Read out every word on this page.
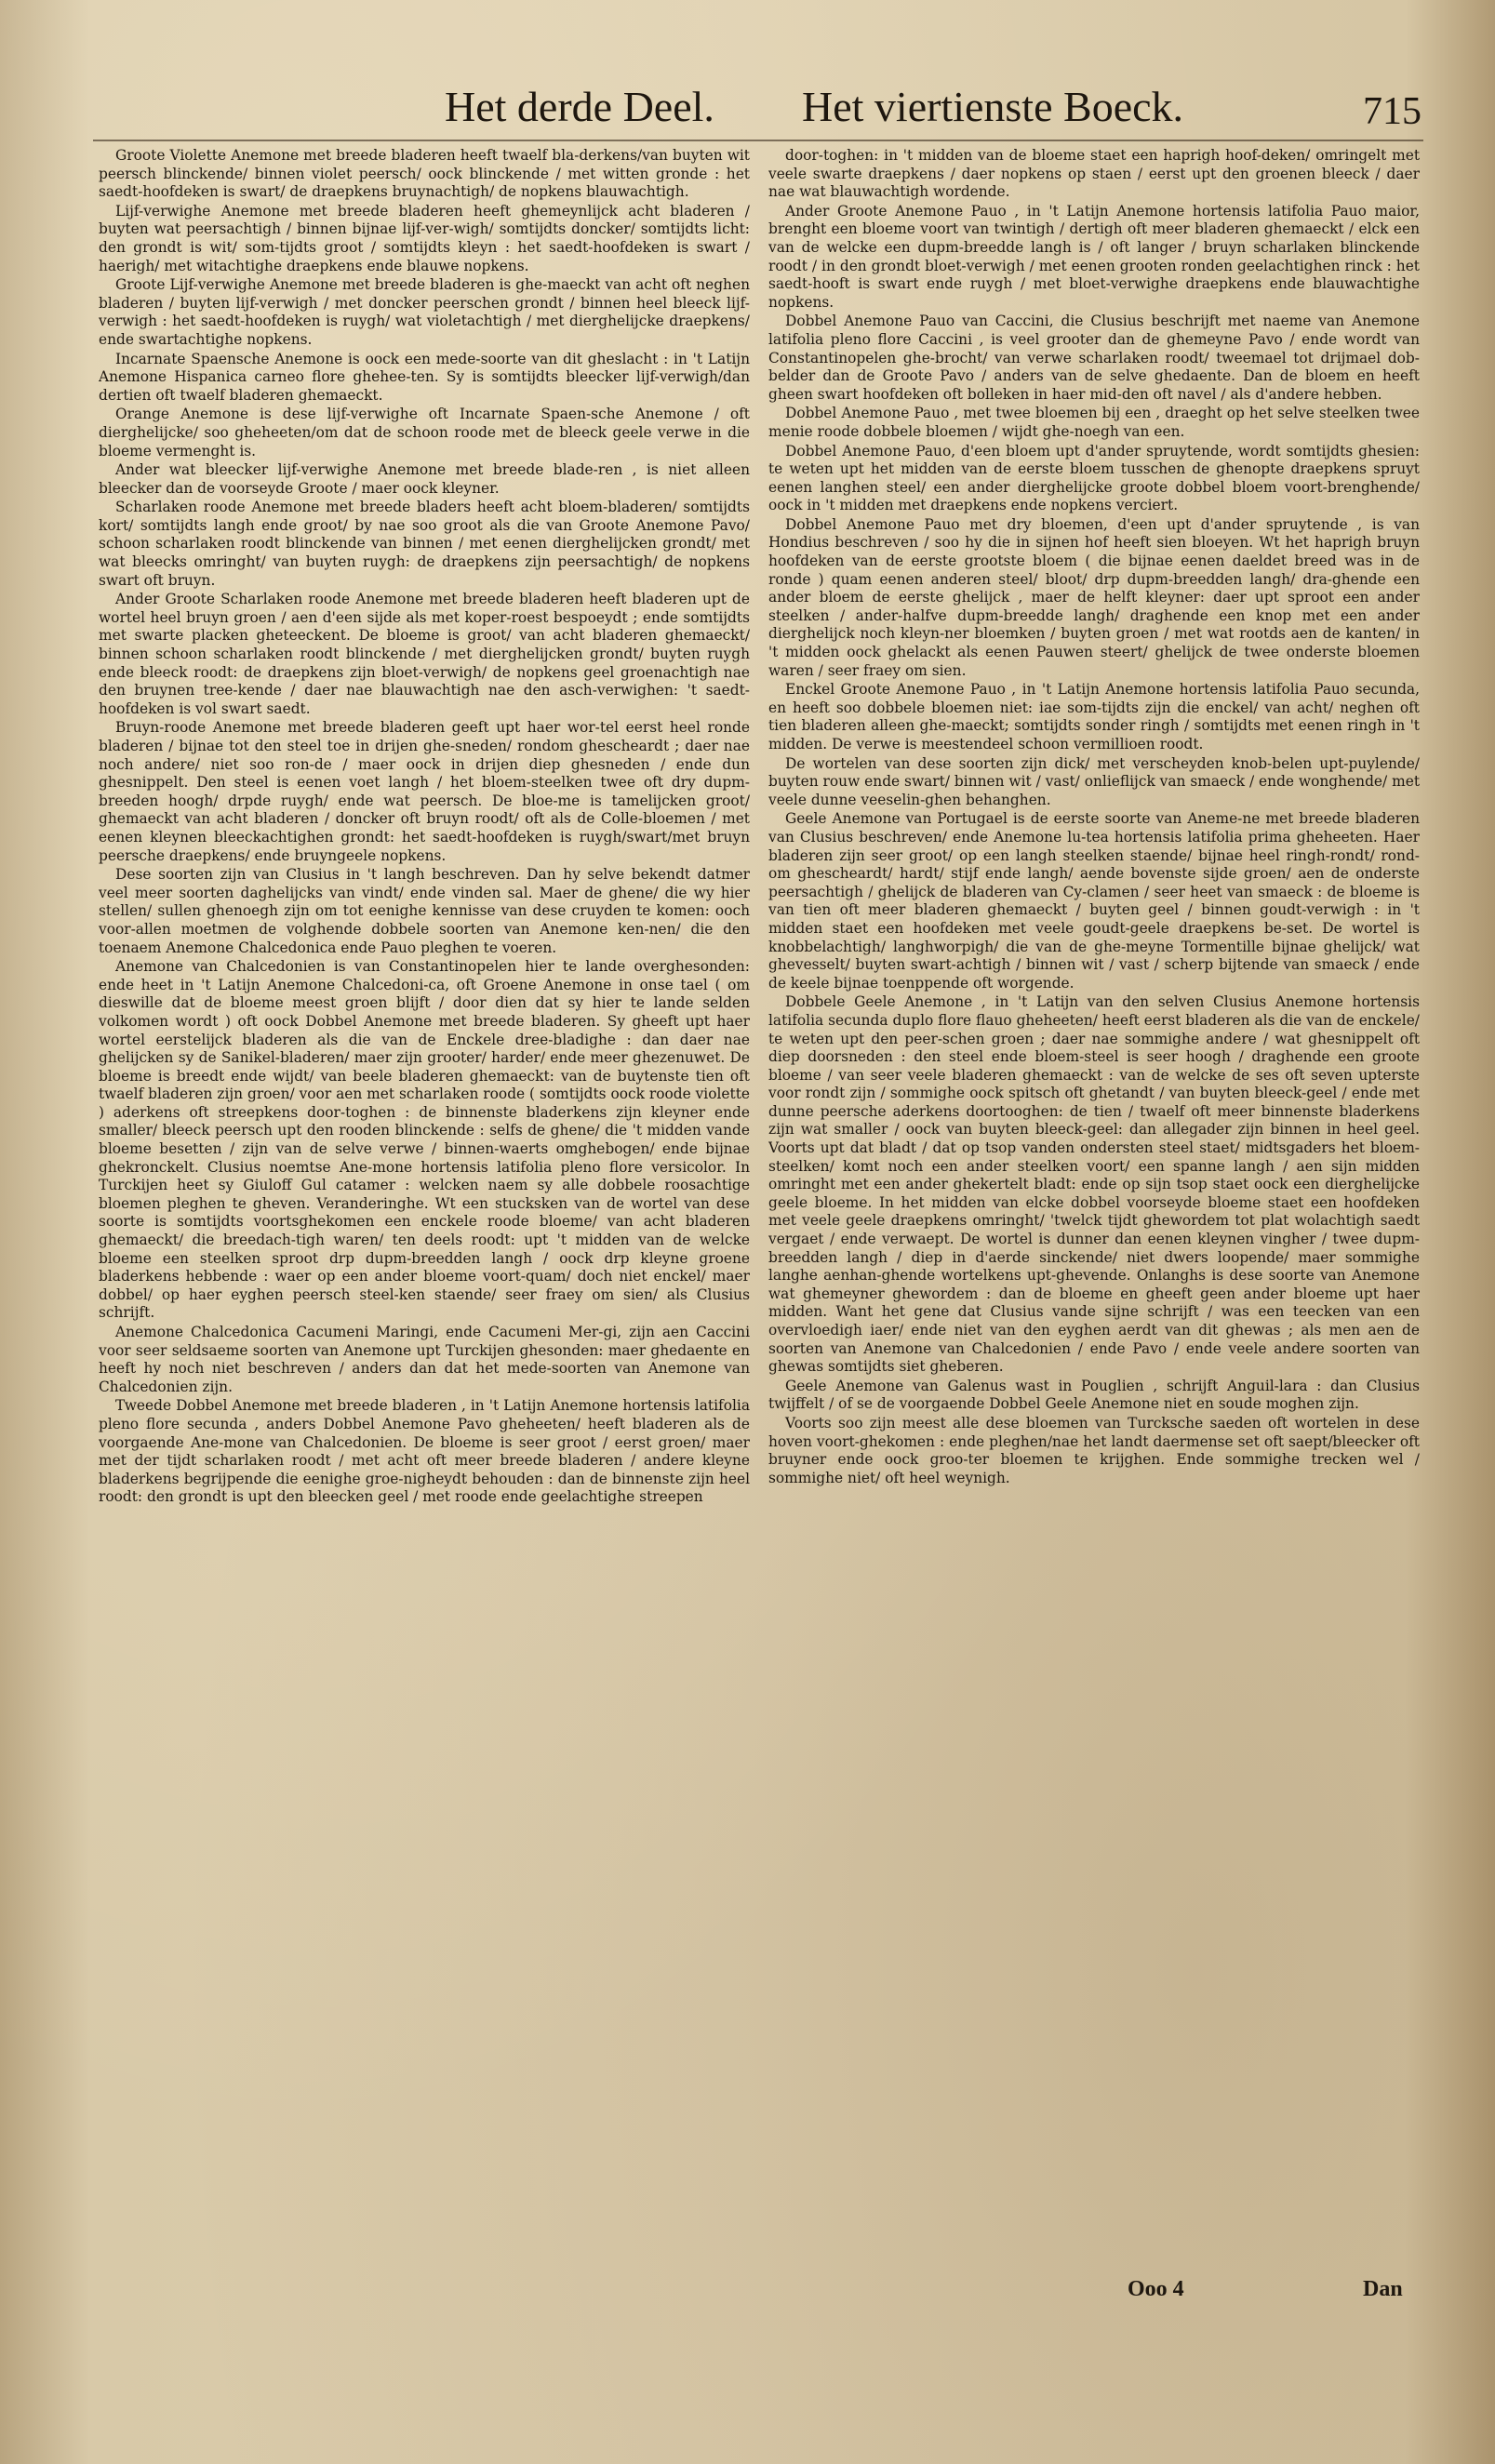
Het derde Deel. Het viertienste Boeck.	715

Groote Violette Anemone met breede bladeren heeft twaelf bla-derkens/van buyten wit peersch blinckende/ binnen violet peersch/ oock blinckende / met witten gronde : het saedt-hoofdeken is swart/ de draepkens bruynachtigh/ de nopkens blauwachtigh.

Lijf-verwighe Anemone met breede bladeren heeft ghemeynlijck acht bladeren / buyten wat peersachtigh / binnen bijnae lijf-ver-wigh/ somtijdts doncker/ somtijdts licht: den grondt is wit/ som-tijdts groot / somtijdts kleyn : het saedt-hoofdeken is swart / haerigh/ met witachtighe draepkens ende blauwe nopkens.

Groote Lijf-verwighe Anemone met breede bladeren is ghe-maeckt van acht oft neghen bladeren / buyten lijf-verwigh / met doncker peerschen grondt / binnen heel bleeck lijf-verwigh : het saedt-hoofdeken is ruygh/ wat violetachtigh / met dierghelijcke draepkens/ ende swartachtighe nopkens.

Incarnate Spaensche Anemone is oock een mede-soorte van dit gheslacht : in 't Latijn Anemone Hispanica carneo flore ghehee-ten. Sy is somtijdts bleecker lijf-verwigh/dan dertien oft twaelf bladeren ghemaeckt.

Orange Anemone is dese lijf-verwighe oft Incarnate Spaen-sche Anemone / oft dierghelijcke/ soo gheheeten/om dat de schoon roode met de bleeck geele verwe in die bloeme vermenght is.

Ander wat bleecker lijf-verwighe Anemone met breede blade-ren , is niet alleen bleecker dan de voorseyde Groote / maer oock kleyner.

Scharlaken roode Anemone met breede bladers heeft acht bloem-bladeren/ somtijdts kort/ somtijdts langh ende groot/ by nae soo groot als die van Groote Anemone Pavo/ schoon scharlaken roodt blinckende van binnen / met eenen dierghelijcken grondt/ met wat bleecks omringht/ van buyten ruygh: de draepkens zijn peersachtigh/ de nopkens swart oft bruyn.

Ander Groote Scharlaken roode Anemone met breede bladeren heeft bladeren upt de wortel heel bruyn groen / aen d'een sijde als met koper-roest bespoeydt ; ende somtijdts met swarte placken gheteeckent. De bloeme is groot/ van acht bladeren ghemaeckt/ binnen schoon scharlaken roodt blinckende / met dierghelijcken grondt/ buyten ruygh ende bleeck roodt: de draepkens zijn bloet-verwigh/ de nopkens geel groenachtigh nae den bruynen tree-kende / daer nae blauwachtigh nae den asch-verwighen: 't saedt-hoofdeken is vol swart saedt.

Bruyn-roode Anemone met breede bladeren geeft upt haer wor-tel eerst heel ronde bladeren / bijnae tot den steel toe in drijen ghe-sneden/ rondom ghescheardt ; daer nae noch andere/ niet soo ron-de / maer oock in drijen diep ghesneden / ende dun ghesnippelt. Den steel is eenen voet langh / het bloem-steelken twee oft dry dupm-breeden hoogh/ drpde ruygh/ ende wat peersch. De bloe-me is tamelijcken groot/ ghemaeckt van acht bladeren / doncker oft bruyn roodt/ oft als de Colle-bloemen / met eenen kleynen bleeckachtighen grondt: het saedt-hoofdeken is ruygh/swart/met bruyn peersche draepkens/ ende bruyngeele nopkens.

Dese soorten zijn van Clusius in 't langh beschreven. Dan hy selve bekendt datmer veel meer soorten daghelijcks van vindt/ ende vinden sal. Maer de ghene/ die wy hier stellen/ sullen ghenoegh zijn om tot eenighe kennisse van dese cruyden te komen: ooch voor-allen moetmen de volghende dobbele soorten van Anemone ken-nen/ die den toenaem Anemone Chalcedonica ende Pauo pleghen te voeren.

Anemone van Chalcedonien is van Constantinopelen hier te lande overghesonden: ende heet in 't Latijn Anemone Chalcedoni-ca, oft Groene Anemone in onse tael ( om dieswille dat de bloeme meest groen blijft / door dien dat sy hier te lande selden volkomen wordt ) oft oock Dobbel Anemone met breede bladeren. Sy gheeft upt haer wortel eerstelijck bladeren als die van de Enckele dree-bladighe : dan daer nae ghelijcken sy de Sanikel-bladeren/ maer zijn grooter/ harder/ ende meer ghezenuwet. De bloeme is breedt ende wijdt/ van beele bladeren ghemaeckt: van de buytenste tien oft twaelf bladeren zijn groen/ voor aen met scharlaken roode ( somtijdts oock roode violette ) aderkens oft streepkens door-toghen : de binnenste bladerkens zijn kleyner ende smaller/ bleeck peersch upt den rooden blinckende : selfs de ghene/ die 't midden vande bloeme besetten / zijn van de selve verwe / binnen-waerts omghebogen/ ende bijnae ghekronckelt. Clusius noemtse Ane-mone hortensis latifolia pleno flore versicolor. In Turckijen heet sy Giuloff Gul catamer : welcken naem sy alle dobbele roosachtige bloemen pleghen te gheven. Veranderinghe. Wt een stucksken van de wortel van dese soorte is somtijdts voortsghekomen een enckele roode bloeme/ van acht bladeren ghemaeckt/ die breedach-tigh waren/ ten deels roodt: upt 't midden van de welcke bloeme een steelken sproot drp dupm-breedden langh / oock drp kleyne groene bladerkens hebbende : waer op een ander bloeme voort-quam/ doch niet enckel/ maer dobbel/ op haer eyghen peersch steel-ken staende/ seer fraey om sien/ als Clusius schrijft.

Anemone Chalcedonica Cacumeni Maringi, ende Cacumeni Mer-gi, zijn aen Caccini voor seer seldsaeme soorten van Anemone upt Turckijen ghesonden: maer ghedaente en heeft hy noch niet beschreven / anders dan dat het mede-soorten van Anemone van Chalcedonien zijn.

Tweede Dobbel Anemone met breede bladeren , in 't Latijn Anemone hortensis latifolia pleno flore secunda , anders Dobbel Anemone Pavo gheheeten/ heeft bladeren als de voorgaende Ane-mone van Chalcedonien. De bloeme is seer groot / eerst groen/ maer met der tijdt scharlaken roodt / met acht oft meer breede bladeren / andere kleyne bladerkens begrijpende die eenighe groe-nigheydt behouden : dan de binnenste zijn heel roodt: den grondt is upt den bleecken geel / met roode ende geelachtighe streepen

door-toghen: in 't midden van de bloeme staet een haprigh hoof-deken/ omringelt met veele swarte draepkens / daer nopkens op staen / eerst upt den groenen bleeck / daer nae wat blauwachtigh wordende.

Ander Groote Anemone Pauo , in 't Latijn Anemone hortensis latifolia Pauo maior, brenght een bloeme voort van twintigh / dertigh oft meer bladeren ghemaeckt / elck een van de welcke een dupm-breedde langh is / oft langer / bruyn scharlaken blinckende roodt / in den grondt bloet-verwigh / met eenen grooten ronden geelachtighen rinck : het saedt-hooft is swart ende ruygh / met bloet-verwighe draepkens ende blauwachtighe nopkens.

Dobbel Anemone Pauo van Caccini, die Clusius beschrijft met naeme van Anemone latifolia pleno flore Caccini , is veel grooter dan de ghemeyne Pavo / ende wordt van Constantinopelen ghe-brocht/ van verwe scharlaken roodt/ tweemael tot drijmael dob-belder dan de Groote Pavo / anders van de selve ghedaente. Dan de bloem en heeft gheen swart hoofdeken oft bolleken in haer mid-den oft navel / als d'andere hebben.

Dobbel Anemone Pauo , met twee bloemen bij een , draeght op het selve steelken twee menie roode dobbele bloemen / wijdt ghe-noegh van een.

Dobbel Anemone Pauo, d'een bloem upt d'ander spruytende, wordt somtijdts ghesien: te weten upt het midden van de eerste bloem tusschen de ghenopte draepkens spruyt eenen langhen steel/ een ander dierghelijcke groote dobbel bloem voort-brenghende/ oock in 't midden met draepkens ende nopkens verciert.

Dobbel Anemone Pauo met dry bloemen, d'een upt d'ander spruytende , is van Hondius beschreven / soo hy die in sijnen hof heeft sien bloeyen. Wt het haprigh bruyn hoofdeken van de eerste grootste bloem ( die bijnae eenen daeldet breed was in de ronde ) quam eenen anderen steel/ bloot/ drp dupm-breedden langh/ dra-ghende een ander bloem de eerste ghelijck , maer de helft kleyner: daer upt sproot een ander steelken / ander-halfve dupm-breedde langh/ draghende een knop met een ander dierghelijck noch kleyn-ner bloemken / buyten groen / met wat rootds aen de kanten/ in 't midden oock ghelackt als eenen Pauwen steert/ ghelijck de twee onderste bloemen waren / seer fraey om sien.

Enckel Groote Anemone Pauo , in 't Latijn Anemone hortensis latifolia Pauo secunda, en heeft soo dobbele bloemen niet: iae som-tijdts zijn die enckel/ van acht/ neghen oft tien bladeren alleen ghe-maeckt; somtijdts sonder ringh / somtijdts met eenen ringh in 't midden. De verwe is meestendeel schoon vermillioen roodt.

De wortelen van dese soorten zijn dick/ met verscheyden knob-belen upt-puylende/ buyten rouw ende swart/ binnen wit / vast/ onlieflijck van smaeck / ende wonghende/ met veele dunne veeselin-ghen behanghen.

Geele Anemone van Portugael is de eerste soorte van Aneme-ne met breede bladeren van Clusius beschreven/ ende Anemone lu-tea hortensis latifolia prima gheheeten. Haer bladeren zijn seer groot/ op een langh steelken staende/ bijnae heel ringh-rondt/ rond-om ghescheardt/ hardt/ stijf ende langh/ aende bovenste sijde groen/ aen de onderste peersachtigh / ghelijck de bladeren van Cy-clamen / seer heet van smaeck : de bloeme is van tien oft meer bladeren ghemaeckt / buyten geel / binnen goudt-verwigh : in 't midden staet een hoofdeken met veele goudt-geele draepkens be-set. De wortel is knobbelachtigh/ langhworpigh/ die van de ghe-meyne Tormentille bijnae ghelijck/ wat ghevesselt/ buyten swart-achtigh / binnen wit / vast / scherp bijtende van smaeck / ende de keele bijnae toenppende oft worgende.

Dobbele Geele Anemone , in 't Latijn van den selven Clusius Anemone hortensis latifolia secunda duplo flore flauo gheheeten/ heeft eerst bladeren als die van de enckele/ te weten upt den peer-schen groen ; daer nae sommighe andere / wat ghesnippelt oft diep doorsneden : den steel ende bloem-steel is seer hoogh / draghende een groote bloeme / van seer veele bladeren ghemaeckt : van de welcke de ses oft seven upterste voor rondt zijn / sommighe oock spitsch oft ghetandt / van buyten bleeck-geel / ende met dunne peersche aderkens doortooghen: de tien / twaelf oft meer binnenste bladerkens zijn wat smaller / oock van buyten bleeck-geel: dan allegader zijn binnen in heel geel. Voorts upt dat bladt / dat op tsop vanden ondersten steel staet/ midtsgaders het bloem-steelken/ komt noch een ander steelken voort/ een spanne langh / aen sijn midden omringht met een ander ghekertelt bladt: ende op sijn tsop staet oock een dierghelijcke geele bloeme. In het midden van elcke dobbel voorseyde bloeme staet een hoofdeken met veele geele draepkens omringht/ 'twelck tijdt ghewordem tot plat wolachtigh saedt vergaet / ende verwaept. De wortel is dunner dan eenen kleynen vingher / twee dupm-breedden langh / diep in d'aerde sinckende/ niet dwers loopende/ maer sommighe langhe aenhan-ghende wortelkens upt-ghevende. Onlanghs is dese soorte van Anemone wat ghemeyner ghewordem : dan de bloeme en gheeft geen ander bloeme upt haer midden. Want het gene dat Clusius vande sijne schrijft / was een teecken van een overvloedigh iaer/ ende niet van den eyghen aerdt van dit ghewas ; als men aen de soorten van Anemone van Chalcedonien / ende Pavo / ende veele andere soorten van ghewas somtijdts siet gheberen.

Geele Anemone van Galenus wast in Pouglien , schrijft Anguil-lara : dan Clusius twijffelt / of se de voorgaende Dobbel Geele Anemone niet en soude moghen zijn.

Voorts soo zijn meest alle dese bloemen van Turcksche saeden oft wortelen in dese hoven voort-ghekomen : ende pleghen/nae het landt daermense set oft saept/bleecker oft bruyner ende oock groo-ter bloemen te krijghen. Ende sommighe trecken wel / sommighe niet/ oft heel weynigh.

Ooo 4	Dan
